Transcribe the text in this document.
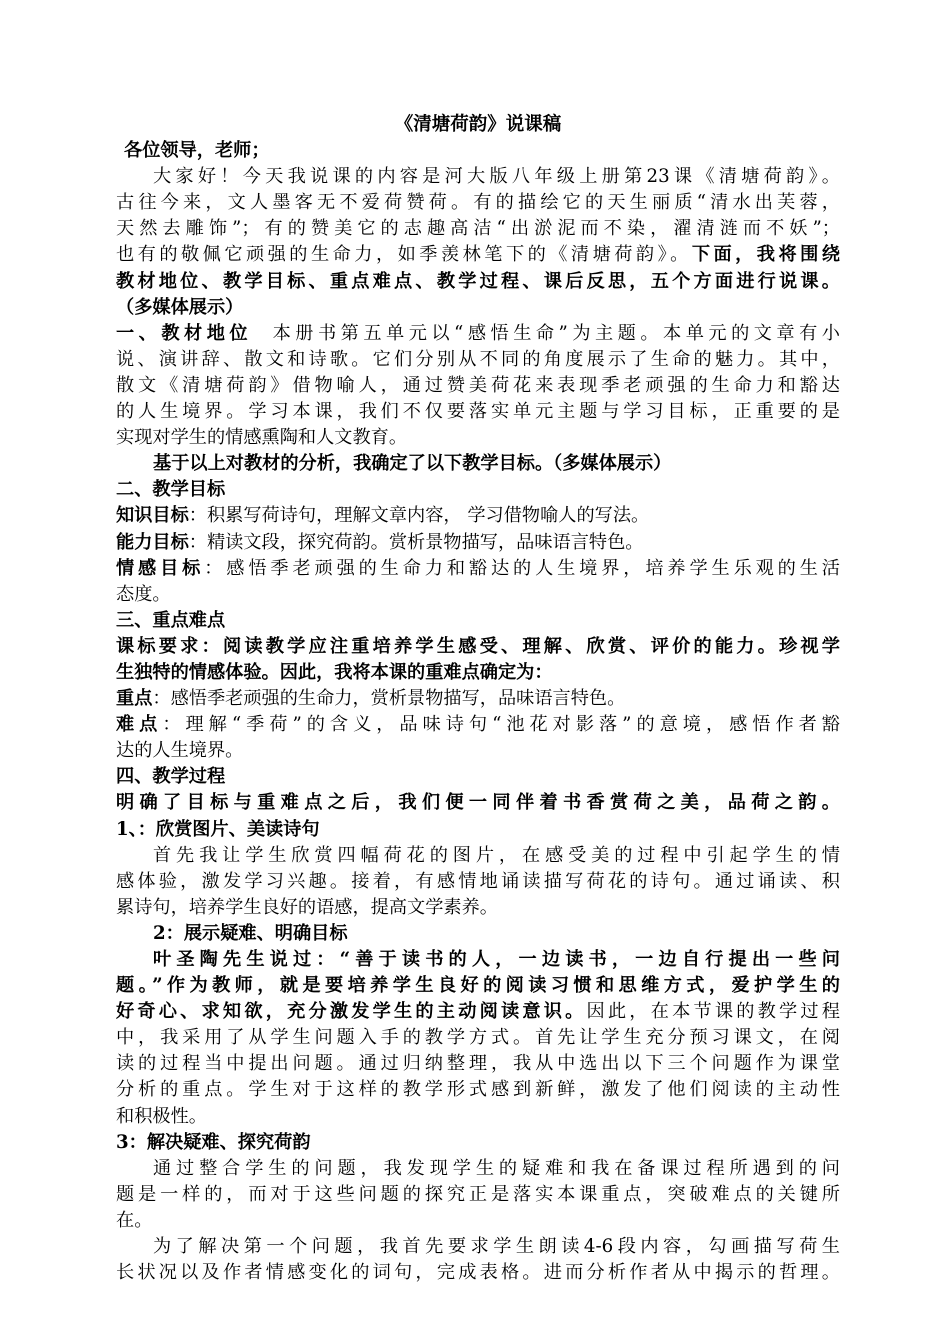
《清塘荷韵》说课稿
各位领导，老师；
大家好！今天我说课的内容是河大版八年级上册第23课《清塘荷韵》。
古往今来，文人墨客无不爱荷赞荷。有的描绘它的天生丽质“清水出芙蓉，
天然去雕饰”；有的赞美它的志趣高洁“出淤泥而不染，濯清涟而不妖”；
也有的敬佩它顽强的生命力，如季羡林笔下的《清塘荷韵》。下面，我将围绕
教材地位、教学目标、重点难点、教学过程、课后反思，五个方面进行说课。
（多媒体展示）
一、教材地位 本册书第五单元以“感悟生命”为主题。本单元的文章有小
说、演讲辞、散文和诗歌。它们分别从不同的角度展示了生命的魅力。其中，
散文《清塘荷韵》借物喻人，通过赞美荷花来表现季老顽强的生命力和豁达
的人生境界。学习本课，我们不仅要落实单元主题与学习目标，正重要的是
实现对学生的情感熏陶和人文教育。
基于以上对教材的分析，我确定了以下教学目标。（多媒体展示）
二、教学目标
知识目标：积累写荷诗句，理解文章内容， 学习借物喻人的写法。
能力目标：精读文段，探究荷韵。赏析景物描写，品味语言特色。
情感目标：感悟季老顽强的生命力和豁达的人生境界，培养学生乐观的生活
态度。
三、重点难点
课标要求：阅读教学应注重培养学生感受、理解、欣赏、评价的能力。珍视学
生独特的情感体验。因此，我将本课的重难点确定为：
重点：感悟季老顽强的生命力，赏析景物描写，品味语言特色。
难点：理解“季荷”的含义，品味诗句“池花对影落”的意境，感悟作者豁
达的人生境界。
四、教学过程
明确了目标与重难点之后，我们便一同伴着书香赏荷之美，品荷之韵。
1、：欣赏图片、美读诗句
首先我让学生欣赏四幅荷花的图片，在感受美的过程中引起学生的情
感体验，激发学习兴趣。接着，有感情地诵读描写荷花的诗句。通过诵读、积
累诗句，培养学生良好的语感，提高文学素养。
2：展示疑难、明确目标
叶圣陶先生说过：“善于读书的人，一边读书，一边自行提出一些问
题。”作为教师，就是要培养学生良好的阅读习惯和思维方式，爱护学生的
好奇心、求知欲，充分激发学生的主动阅读意识。因此，在本节课的教学过程
中，我采用了从学生问题入手的教学方式。首先让学生充分预习课文，在阅
读的过程当中提出问题。通过归纳整理，我从中选出以下三个问题作为课堂
分析的重点。学生对于这样的教学形式感到新鲜，激发了他们阅读的主动性
和积极性。
3：解决疑难、探究荷韵
通过整合学生的问题，我发现学生的疑难和我在备课过程所遇到的问
题是一样的，而对于这些问题的探究正是落实本课重点，突破难点的关键所
在。
为了解决第一个问题，我首先要求学生朗读4-6段内容，勾画描写荷生
长状况以及作者情感变化的词句，完成表格。进而分析作者从中揭示的哲理。
